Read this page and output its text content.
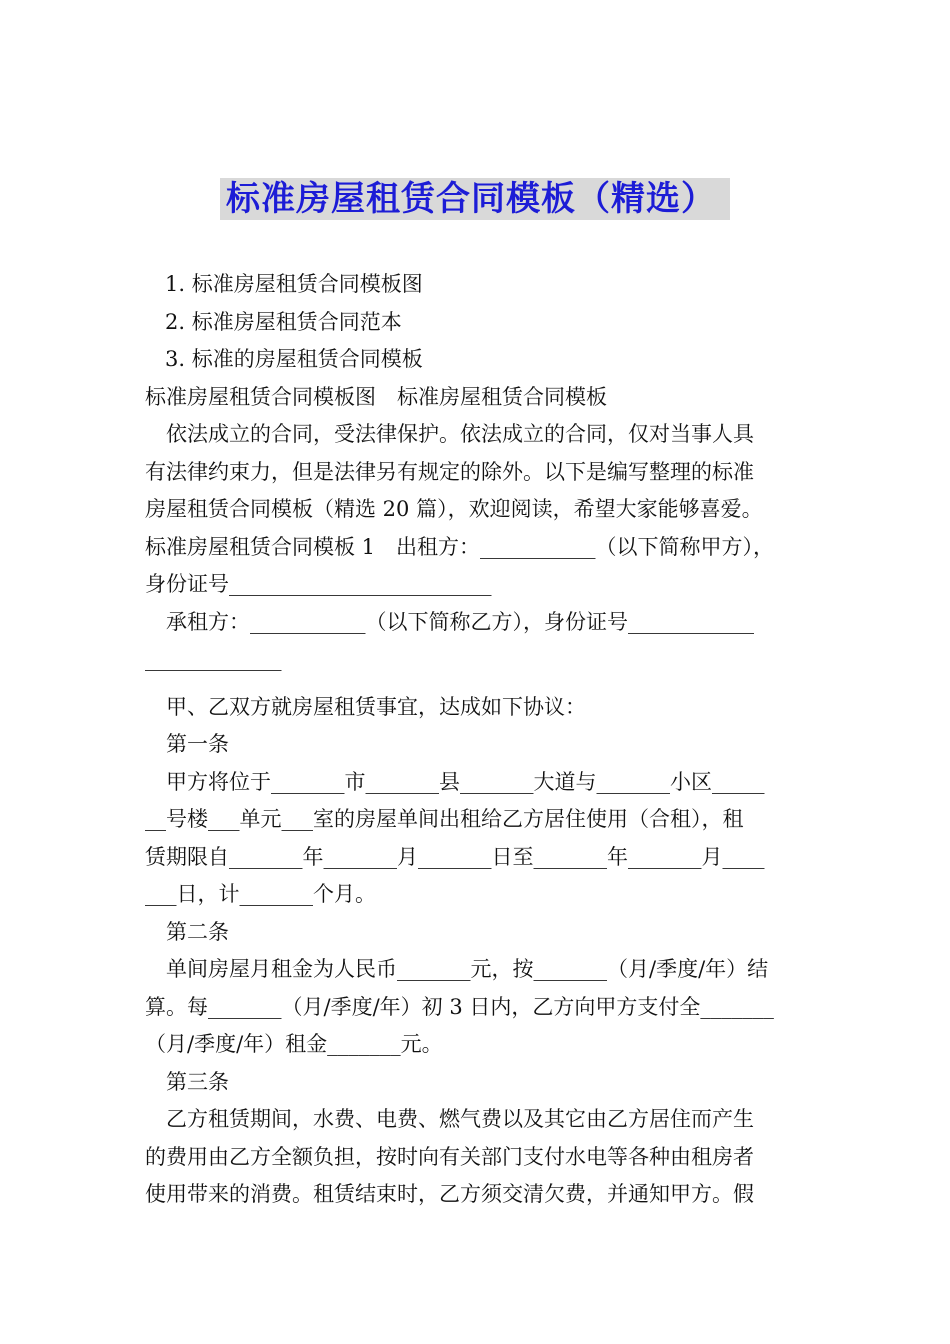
标准房屋租赁合同模板（精选）
1. 标准房屋租赁合同模板图
2. 标准房屋租赁合同范本
3. 标准的房屋租赁合同模板
标准房屋租赁合同模板图　标准房屋租赁合同模板
依法成立的合同，受法律保护。依法成立的合同，仅对当事人具
有法律约束力，但是法律另有规定的除外。以下是编写整理的标准
房屋租赁合同模板（精选 20 篇），欢迎阅读，希望大家能够喜爱。
标准房屋租赁合同模板 1　出租方：___________（以下简称甲方），
身份证号_________________________
承租方：___________（以下简称乙方），身份证号____________
_____________
甲、乙双方就房屋租赁事宜，达成如下协议：
第一条
甲方将位于_______市_______县_______大道与_______小区_____
__号楼___单元___室的房屋单间出租给乙方居住使用（合租），租
赁期限自_______年_______月_______日至_______年_______月____
___日，计_______个月。
第二条
单间房屋月租金为人民币_______元，按_______（月/季度/年）结
算。每_______（月/季度/年）初 3 日内，乙方向甲方支付全_______
（月/季度/年）租金_______元。
第三条
乙方租赁期间，水费、电费、燃气费以及其它由乙方居住而产生
的费用由乙方全额负担，按时向有关部门支付水电等各种由租房者
使用带来的消费。租赁结束时，乙方须交清欠费，并通知甲方。假
